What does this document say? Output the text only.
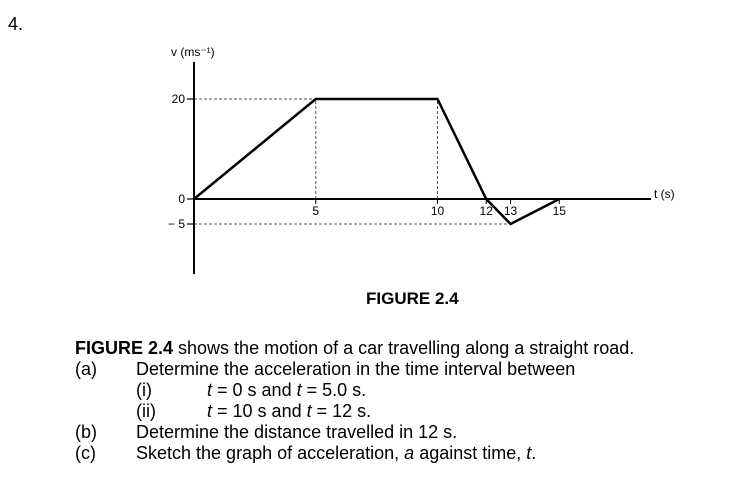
4.
20
0
− 5
5	10	12 13	15
v (ms⁻¹)
t (s)
FIGURE 2.4
FIGURE 2.4 shows the motion of a car travelling along a straight road.
(a)	Determine the acceleration in the time interval between
(i)	t = 0 s and t = 5.0 s.
(ii)	t = 10 s and t = 12 s.
(b)	Determine the distance travelled in 12 s.
(c)	Sketch the graph of acceleration, a against time, t.
